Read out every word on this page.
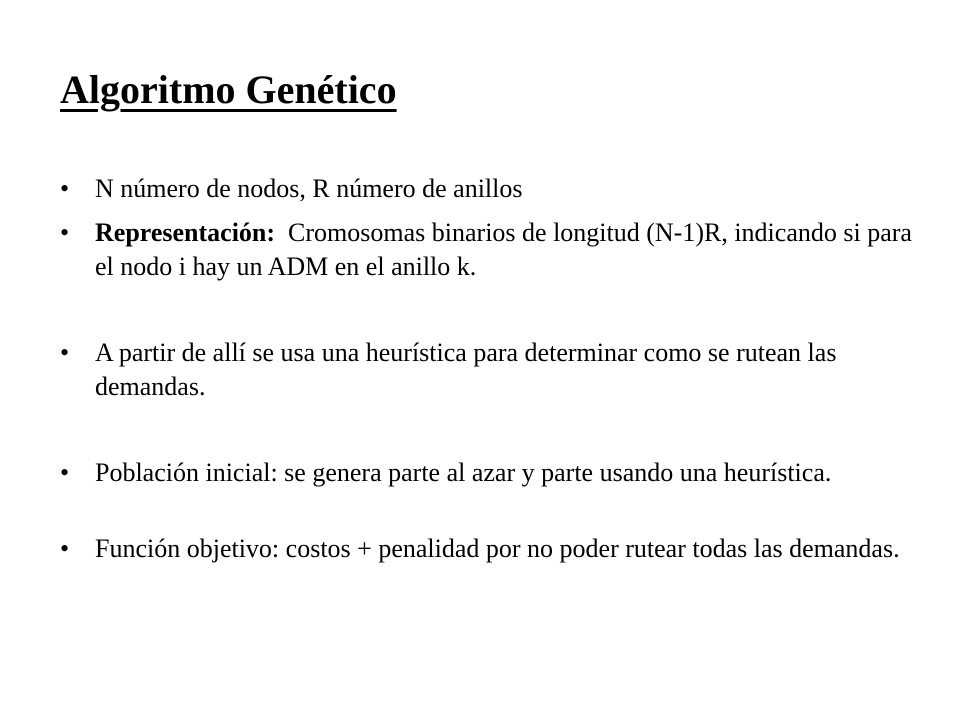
Algoritmo Genético
• N número de nodos, R número de anillos
• Representación:  Cromosomas binarios de longitud (N-1)R, indicando si para el nodo i hay un ADM en el anillo k.
• A partir de allí se usa una heurística para determinar como se rutean las demandas.
• Población inicial: se genera parte al azar y parte usando una heurística.
• Función objetivo: costos + penalidad por no poder rutear todas las demandas.
